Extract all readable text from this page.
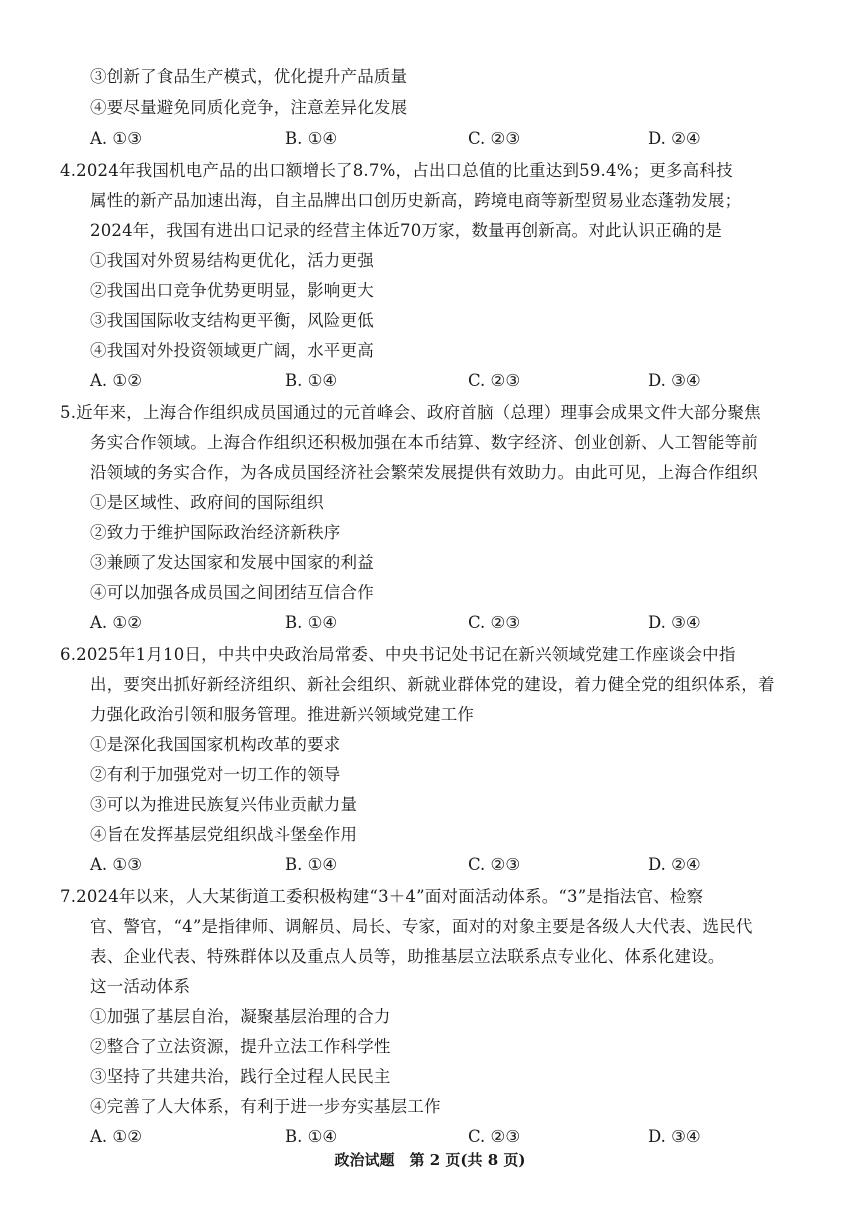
③创新了食品生产模式，优化提升产品质量
④要尽量避免同质化竞争，注意差异化发展
A. ①③	B. ①④	C. ②③	D. ②④
4.2024年我国机电产品的出口额增长了8.7%，占出口总值的比重达到59.4%；更多高科技
属性的新产品加速出海，自主品牌出口创历史新高，跨境电商等新型贸易业态蓬勃发展；
2024年，我国有进出口记录的经营主体近70万家，数量再创新高。对此认识正确的是
①我国对外贸易结构更优化，活力更强
②我国出口竞争优势更明显，影响更大
③我国国际收支结构更平衡，风险更低
④我国对外投资领域更广阔，水平更高
A. ①②	B. ①④	C. ②③	D. ③④
5.近年来，上海合作组织成员国通过的元首峰会、政府首脑（总理）理事会成果文件大部分聚焦
务实合作领域。上海合作组织还积极加强在本币结算、数字经济、创业创新、人工智能等前
沿领域的务实合作，为各成员国经济社会繁荣发展提供有效助力。由此可见，上海合作组织
①是区域性、政府间的国际组织
②致力于维护国际政治经济新秩序
③兼顾了发达国家和发展中国家的利益
④可以加强各成员国之间团结互信合作
A. ①②	B. ①④	C. ②③	D. ③④
6.2025年1月10日，中共中央政治局常委、中央书记处书记在新兴领域党建工作座谈会中指
出，要突出抓好新经济组织、新社会组织、新就业群体党的建设，着力健全党的组织体系，着
力强化政治引领和服务管理。推进新兴领域党建工作
①是深化我国国家机构改革的要求
②有利于加强党对一切工作的领导
③可以为推进民族复兴伟业贡献力量
④旨在发挥基层党组织战斗堡垒作用
A. ①③	B. ①④	C. ②③	D. ②④
7.2024年以来，人大某街道工委积极构建“3＋4”面对面活动体系。“3”是指法官、检察
官、警官，“4”是指律师、调解员、局长、专家，面对的对象主要是各级人大代表、选民代
表、企业代表、特殊群体以及重点人员等，助推基层立法联系点专业化、体系化建设。
这一活动体系
①加强了基层自治，凝聚基层治理的合力
②整合了立法资源，提升立法工作科学性
③坚持了共建共治，践行全过程人民民主
④完善了人大体系，有利于进一步夯实基层工作
A. ①②	B. ①④	C. ②③	D. ③④
政治试题　第 2 页(共 8 页)
